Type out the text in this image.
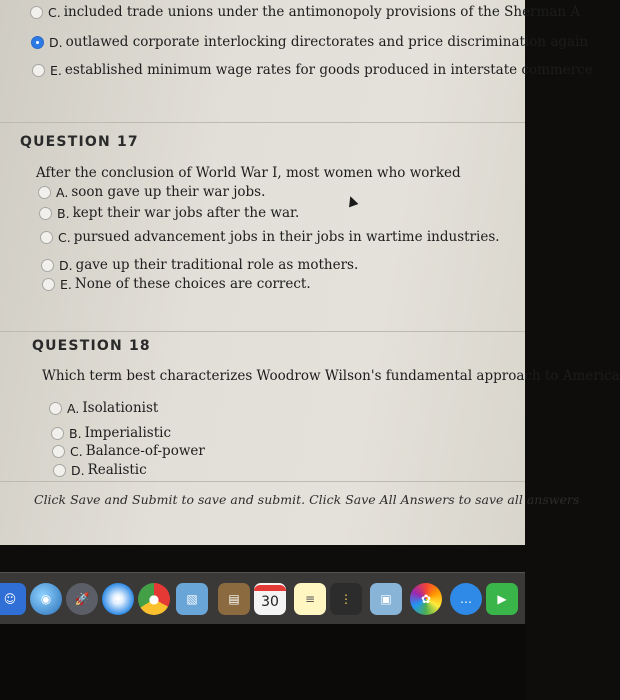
C. included trade unions under the antimonopoly provisions of the Sherman A
D. outlawed corporate interlocking directorates and price discrimination again
E. established minimum wage rates for goods produced in interstate commerce
QUESTION 17
After the conclusion of World War I, most women who worked
A. soon gave up their war jobs.
B. kept their war jobs after the war.
C. pursued advancement jobs in their jobs in wartime industries.
D. gave up their traditional role as mothers.
E. None of these choices are correct.
QUESTION 18
Which term best characterizes Woodrow Wilson's fundamental approach to America
A. Isolationist
B. Imperialistic
C. Balance-of-power
D. Realistic
Click Save and Submit to save and submit. Click Save All Answers to save all answers
☺	◉	🚀	✦	●	▧	▤	30	≡	⋮	▣	✿	…	▶
